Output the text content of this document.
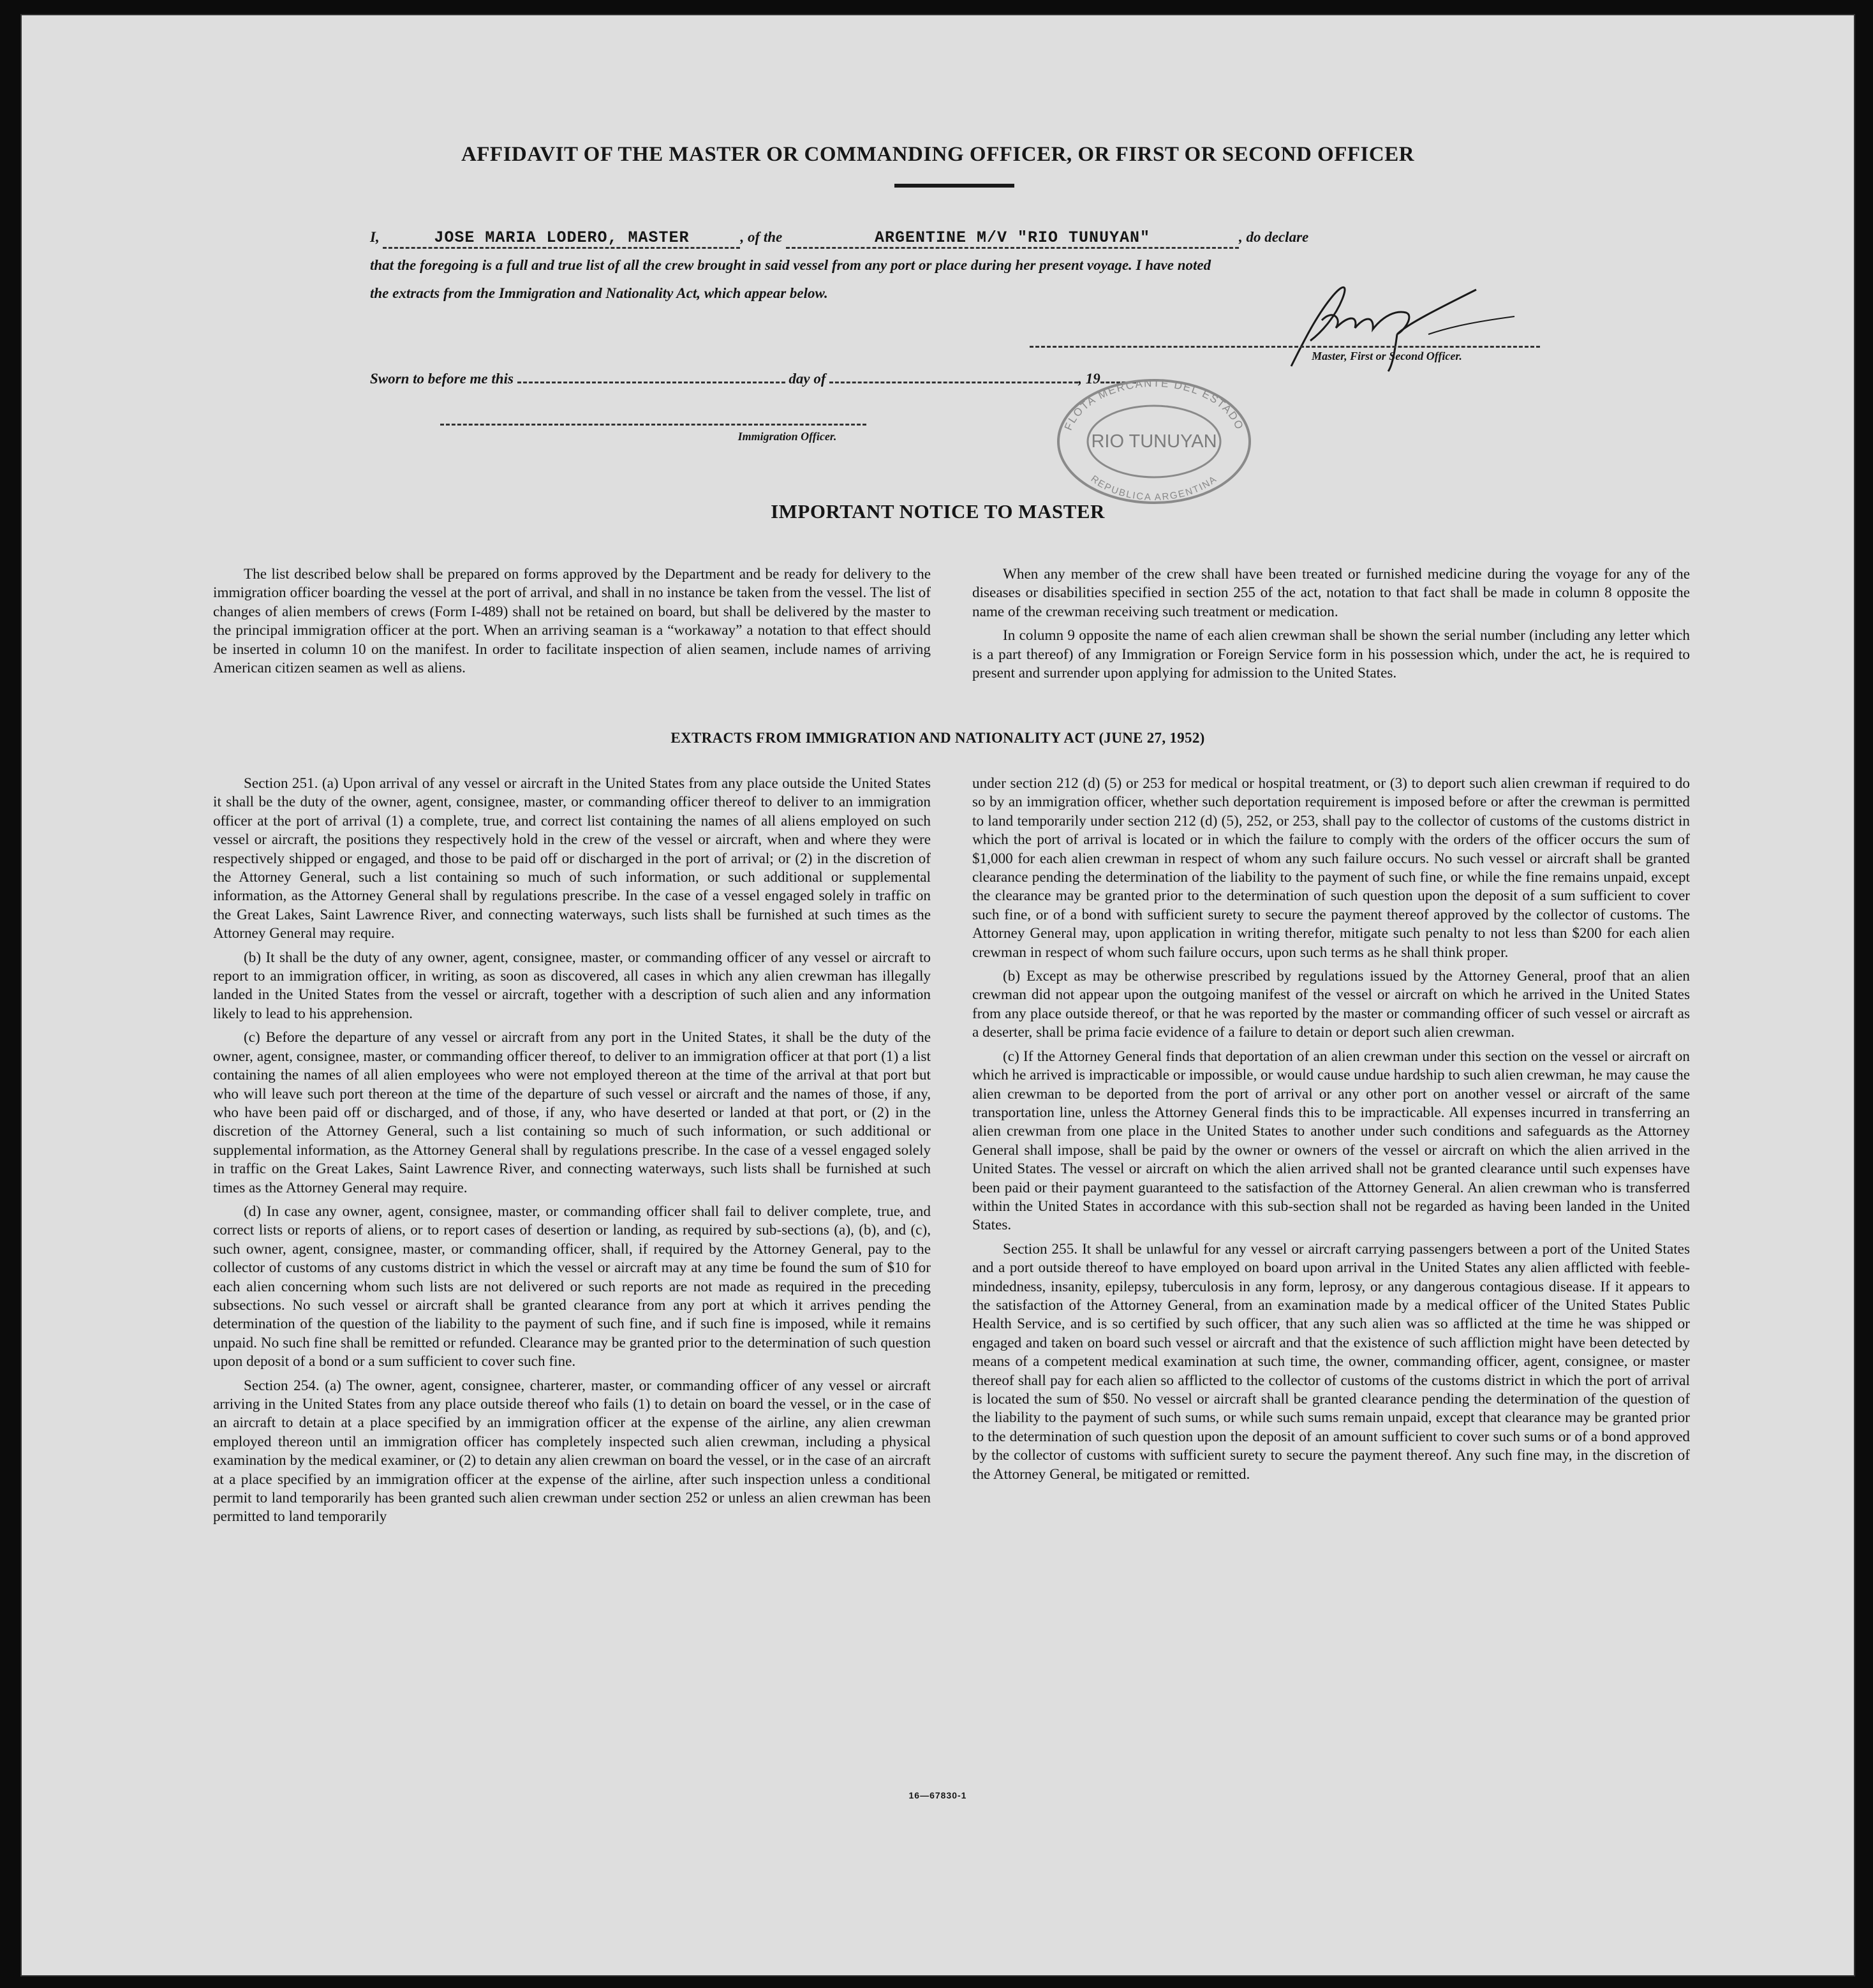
AFFIDAVIT OF THE MASTER OR COMMANDING OFFICER, OR FIRST OR SECOND OFFICER
I,	JOSE MARIA LODERO, MASTER	, of the	ARGENTINE M/V "RIO TUNUYAN"	, do declare
that the foregoing is a full and true list of all the crew brought in said vessel from any port or place during her present voyage. I have noted
the extracts from the Immigration and Nationality Act, which appear below.
Master, First or Second Officer.
Sworn to before me this	day of	, 19
FLOTA MERCANTE DEL ESTADO
RIO TUNUYAN
REPUBLICA ARGENTINA
Immigration Officer.
IMPORTANT NOTICE TO MASTER

The list described below shall be prepared on forms approved by the Department and be ready for delivery to the immigration officer boarding the vessel at the port of arrival, and shall in no instance be taken from the vessel. The list of changes of alien members of crews (Form I-489) shall not be retained on board, but shall be delivered by the master to the principal immigration officer at the port. When an arriving seaman is a “workaway” a notation to that effect should be inserted in column 10 on the manifest. In order to facilitate inspection of alien seamen, include names of arriving American citizen seamen as well as aliens.

When any member of the crew shall have been treated or furnished medicine during the voyage for any of the diseases or disabilities specified in section 255 of the act, notation to that fact shall be made in column 8 opposite the name of the crewman receiving such treatment or medication.

In column 9 opposite the name of each alien crewman shall be shown the serial number (including any letter which is a part thereof) of any Immigration or Foreign Service form in his possession which, under the act, he is required to present and surrender upon applying for admission to the United States.

EXTRACTS FROM IMMIGRATION AND NATIONALITY ACT (JUNE 27, 1952)

Section 251. (a) Upon arrival of any vessel or aircraft in the United States from any place outside the United States it shall be the duty of the owner, agent, consignee, master, or commanding officer thereof to deliver to an immigration officer at the port of arrival (1) a complete, true, and correct list containing the names of all aliens employed on such vessel or aircraft, the positions they respectively hold in the crew of the vessel or aircraft, when and where they were respectively shipped or engaged, and those to be paid off or discharged in the port of arrival; or (2) in the discretion of the Attorney General, such a list containing so much of such information, or such additional or supplemental information, as the Attorney General shall by regulations prescribe. In the case of a vessel engaged solely in traffic on the Great Lakes, Saint Lawrence River, and connecting waterways, such lists shall be furnished at such times as the Attorney General may require.

(b) It shall be the duty of any owner, agent, consignee, master, or commanding officer of any vessel or aircraft to report to an immigration officer, in writing, as soon as discovered, all cases in which any alien crewman has illegally landed in the United States from the vessel or aircraft, together with a description of such alien and any information likely to lead to his apprehension.

(c) Before the departure of any vessel or aircraft from any port in the United States, it shall be the duty of the owner, agent, consignee, master, or commanding officer thereof, to deliver to an immigration officer at that port (1) a list containing the names of all alien employees who were not employed thereon at the time of the arrival at that port but who will leave such port thereon at the time of the departure of such vessel or aircraft and the names of those, if any, who have been paid off or discharged, and of those, if any, who have deserted or landed at that port, or (2) in the discretion of the Attorney General, such a list containing so much of such information, or such additional or supplemental information, as the Attorney General shall by regulations prescribe. In the case of a vessel engaged solely in traffic on the Great Lakes, Saint Lawrence River, and connecting waterways, such lists shall be furnished at such times as the Attorney General may require.

(d) In case any owner, agent, consignee, master, or commanding officer shall fail to deliver complete, true, and correct lists or reports of aliens, or to report cases of desertion or landing, as required by sub-sections (a), (b), and (c), such owner, agent, consignee, master, or commanding officer, shall, if required by the Attorney General, pay to the collector of customs of any customs district in which the vessel or aircraft may at any time be found the sum of $10 for each alien concerning whom such lists are not delivered or such reports are not made as required in the preceding subsections. No such vessel or aircraft shall be granted clearance from any port at which it arrives pending the determination of the question of the liability to the payment of such fine, and if such fine is imposed, while it remains unpaid. No such fine shall be remitted or refunded. Clearance may be granted prior to the determination of such question upon deposit of a bond or a sum sufficient to cover such fine.

Section 254. (a) The owner, agent, consignee, charterer, master, or commanding officer of any vessel or aircraft arriving in the United States from any place outside thereof who fails (1) to detain on board the vessel, or in the case of an aircraft to detain at a place specified by an immigration officer at the expense of the airline, any alien crewman employed thereon until an immigration officer has completely inspected such alien crewman, including a physical examination by the medical examiner, or (2) to detain any alien crewman on board the vessel, or in the case of an aircraft at a place specified by an immigration officer at the expense of the airline, after such inspection unless a conditional permit to land temporarily has been granted such alien crewman under section 252 or unless an alien crewman has been permitted to land temporarily

under section 212 (d) (5) or 253 for medical or hospital treatment, or (3) to deport such alien crewman if required to do so by an immigration officer, whether such deportation requirement is imposed before or after the crewman is permitted to land temporarily under section 212 (d) (5), 252, or 253, shall pay to the collector of customs of the customs district in which the port of arrival is located or in which the failure to comply with the orders of the officer occurs the sum of $1,000 for each alien crewman in respect of whom any such failure occurs. No such vessel or aircraft shall be granted clearance pending the determination of the liability to the payment of such fine, or while the fine remains unpaid, except the clearance may be granted prior to the determination of such question upon the deposit of a sum sufficient to cover such fine, or of a bond with sufficient surety to secure the payment thereof approved by the collector of customs. The Attorney General may, upon application in writing therefor, mitigate such penalty to not less than $200 for each alien crewman in respect of whom such failure occurs, upon such terms as he shall think proper.

(b) Except as may be otherwise prescribed by regulations issued by the Attorney General, proof that an alien crewman did not appear upon the outgoing manifest of the vessel or aircraft on which he arrived in the United States from any place outside thereof, or that he was reported by the master or commanding officer of such vessel or aircraft as a deserter, shall be prima facie evidence of a failure to detain or deport such alien crewman.

(c) If the Attorney General finds that deportation of an alien crewman under this section on the vessel or aircraft on which he arrived is impracticable or impossible, or would cause undue hardship to such alien crewman, he may cause the alien crewman to be deported from the port of arrival or any other port on another vessel or aircraft of the same transportation line, unless the Attorney General finds this to be impracticable. All expenses incurred in transferring an alien crewman from one place in the United States to another under such conditions and safeguards as the Attorney General shall impose, shall be paid by the owner or owners of the vessel or aircraft on which the alien arrived in the United States. The vessel or aircraft on which the alien arrived shall not be granted clearance until such expenses have been paid or their payment guaranteed to the satisfaction of the Attorney General. An alien crewman who is transferred within the United States in accordance with this sub-section shall not be regarded as having been landed in the United States.

Section 255. It shall be unlawful for any vessel or aircraft carrying passengers between a port of the United States and a port outside thereof to have employed on board upon arrival in the United States any alien afflicted with feeble-mindedness, insanity, epilepsy, tuberculosis in any form, leprosy, or any dangerous contagious disease. If it appears to the satisfaction of the Attorney General, from an examination made by a medical officer of the United States Public Health Service, and is so certified by such officer, that any such alien was so afflicted at the time he was shipped or engaged and taken on board such vessel or aircraft and that the existence of such affliction might have been detected by means of a competent medical examination at such time, the owner, commanding officer, agent, consignee, or master thereof shall pay for each alien so afflicted to the collector of customs of the customs district in which the port of arrival is located the sum of $50. No vessel or aircraft shall be granted clearance pending the determination of the question of the liability to the payment of such sums, or while such sums remain unpaid, except that clearance may be granted prior to the determination of such question upon the deposit of an amount sufficient to cover such sums or of a bond approved by the collector of customs with sufficient surety to secure the payment thereof. Any such fine may, in the discretion of the Attorney General, be mitigated or remitted.

16—67830-1
